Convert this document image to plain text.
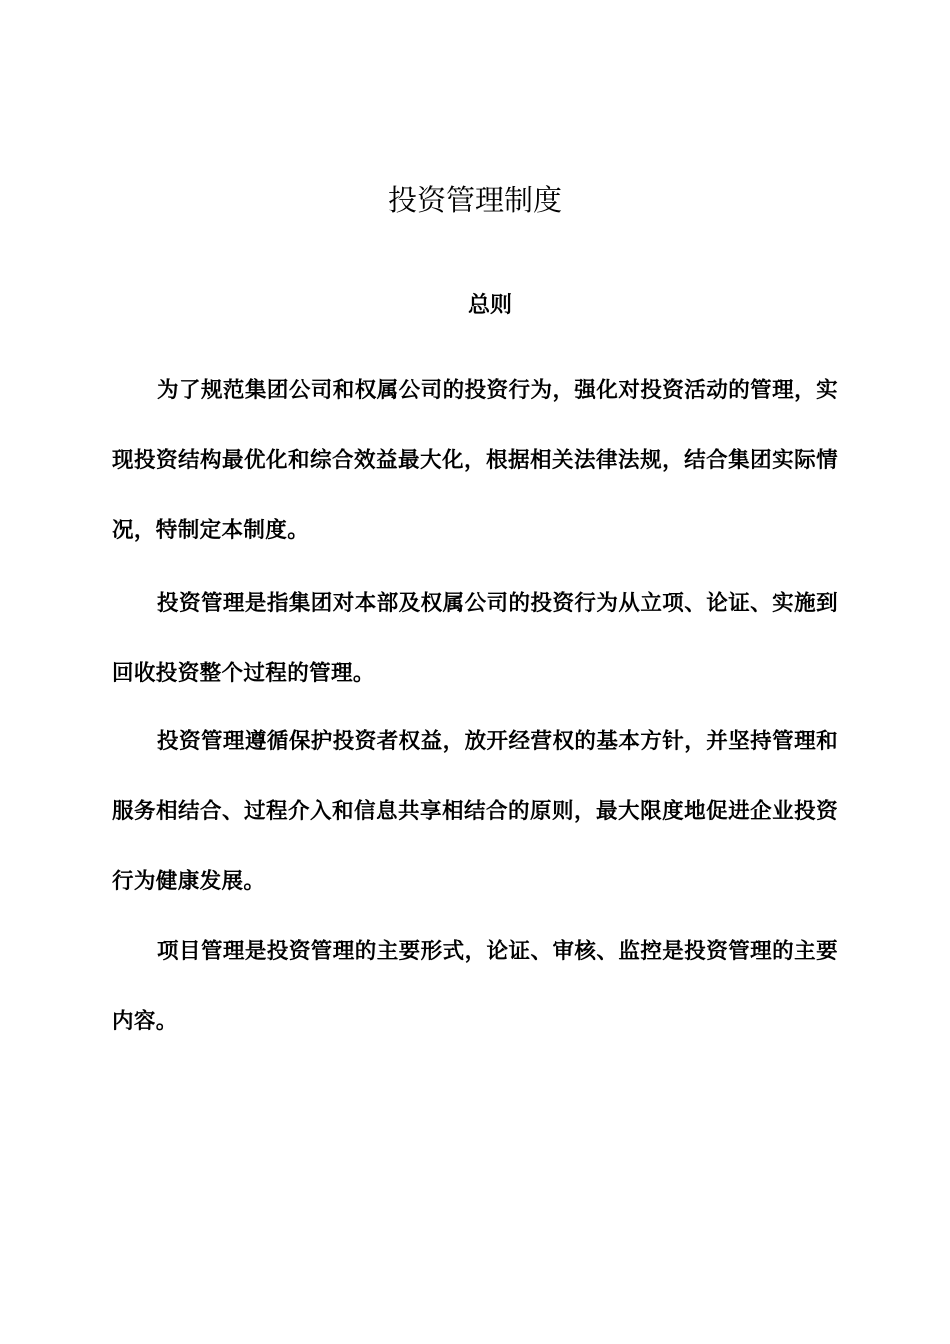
投资管理制度
总则

为了规范集团公司和权属公司的投资行为，强化对投资活动的管理，实现投资结构最优化和综合效益最大化，根据相关法律法规，结合集团实际情况，特制定本制度。

投资管理是指集团对本部及权属公司的投资行为从立项、论证、实施到回收投资整个过程的管理。

投资管理遵循保护投资者权益，放开经营权的基本方针，并坚持管理和服务相结合、过程介入和信息共享相结合的原则，最大限度地促进企业投资行为健康发展。

项目管理是投资管理的主要形式，论证、审核、监控是投资管理的主要内容。
